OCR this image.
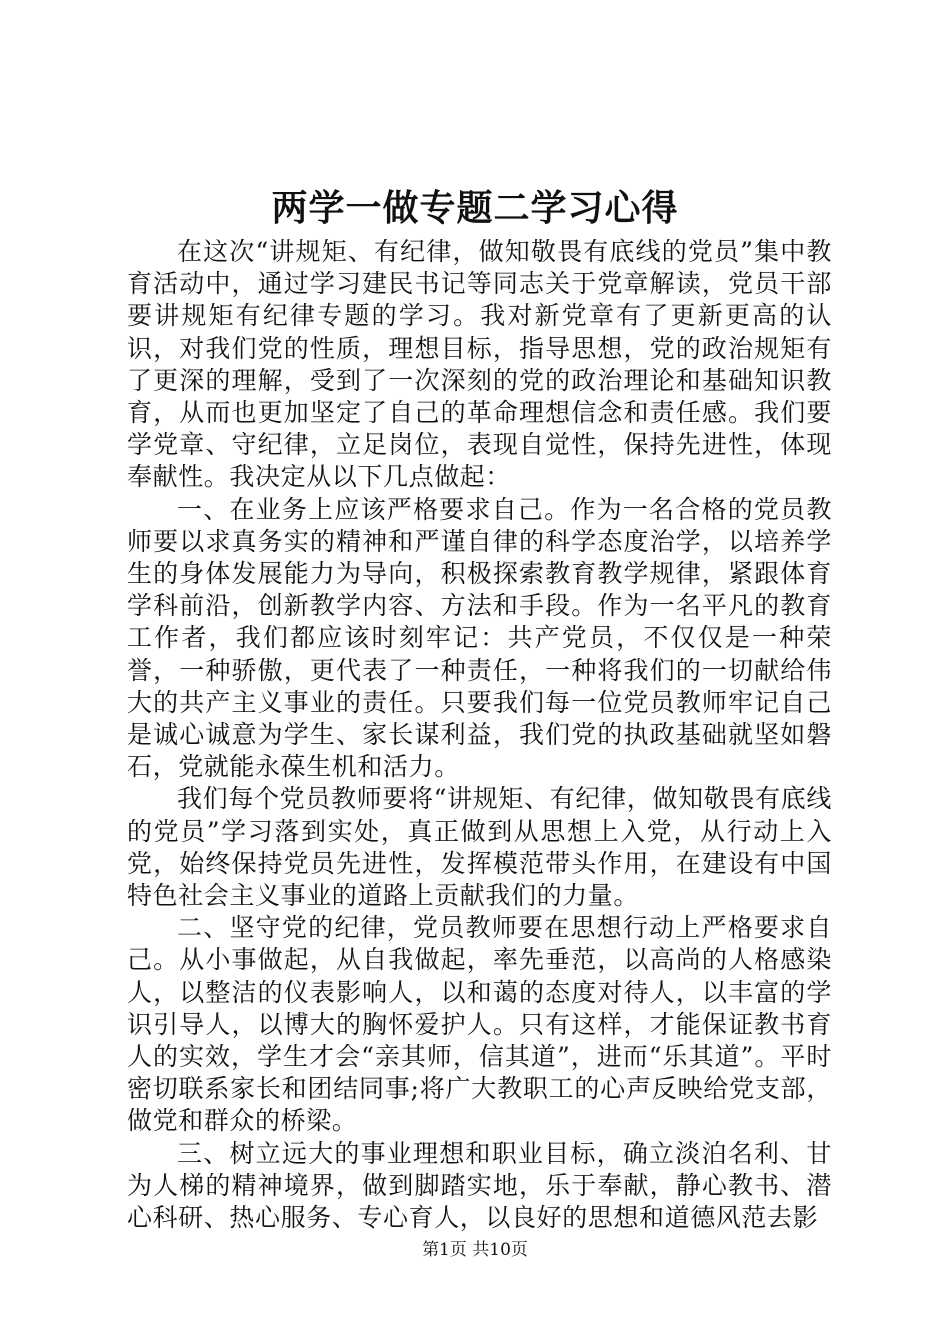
两学一做专题二学习心得

在这次“讲规矩、有纪律，做知敬畏有底线的党员”集中教育活动中，通过学习建民书记等同志关于党章解读，党员干部要讲规矩有纪律专题的学习。我对新党章有了更新更高的认识，对我们党的性质，理想目标，指导思想，党的政治规矩有了更深的理解，受到了一次深刻的党的政治理论和基础知识教育，从而也更加坚定了自己的革命理想信念和责任感。我们要学党章、守纪律，立足岗位，表现自觉性，保持先进性，体现奉献性。我决定从以下几点做起：

一、在业务上应该严格要求自己。作为一名合格的党员教师要以求真务实的精神和严谨自律的科学态度治学，以培养学生的身体发展能力为导向，积极探索教育教学规律，紧跟体育学科前沿，创新教学内容、方法和手段。作为一名平凡的教育工作者，我们都应该时刻牢记：共产党员，不仅仅是一种荣誉，一种骄傲，更代表了一种责任，一种将我们的一切献给伟大的共产主义事业的责任。只要我们每一位党员教师牢记自己是诚心诚意为学生、家长谋利益，我们党的执政基础就坚如磐石，党就能永葆生机和活力。

我们每个党员教师要将“讲规矩、有纪律，做知敬畏有底线的党员”学习落到实处，真正做到从思想上入党，从行动上入党，始终保持党员先进性，发挥模范带头作用，在建设有中国特色社会主义事业的道路上贡献我们的力量。

二、坚守党的纪律，党员教师要在思想行动上严格要求自己。从小事做起，从自我做起，率先垂范，以高尚的人格感染人，以整洁的仪表影响人，以和蔼的态度对待人，以丰富的学识引导人，以博大的胸怀爱护人。只有这样，才能保证教书育人的实效，学生才会“亲其师，信其道”，进而“乐其道”。平时密切联系家长和团结同事;将广大教职工的心声反映给党支部，做党和群众的桥梁。

三、树立远大的事业理想和职业目标，确立淡泊名利、甘为人梯的精神境界，做到脚踏实地，乐于奉献，静心教书、潜心科研、热心服务、专心育人，以良好的思想和道德风范去影

第1页 共10页
